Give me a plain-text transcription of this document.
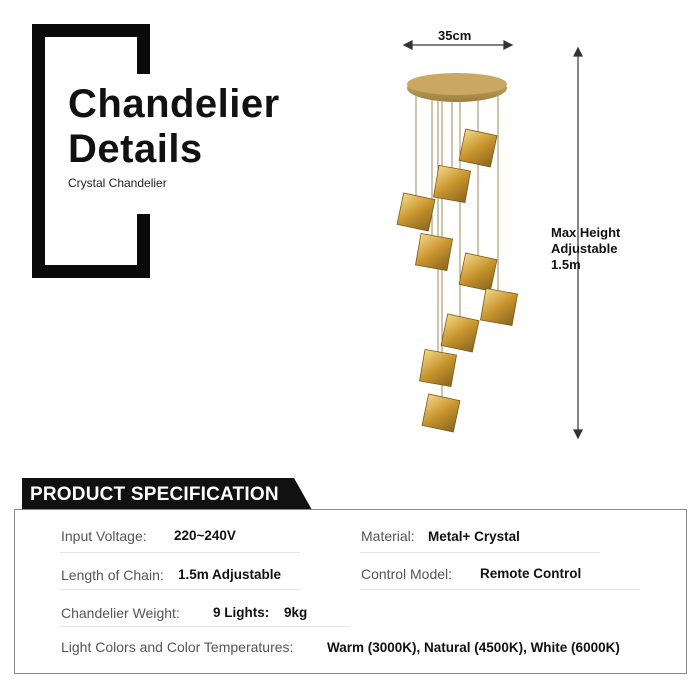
Chandelier
Details
Crystal Chandelier
35cm
Max Height
Adjustable
1.5m
PRODUCT SPECIFICATION
Input Voltage: 220~240V	Material: Metal+ Crystal
Length of Chain: 1.5m Adjustable	Control Model: Remote Control
Chandelier Weight: 9 Lights: 9kg
Light Colors and Color Temperatures: Warm (3000K), Natural (4500K), White (6000K)
